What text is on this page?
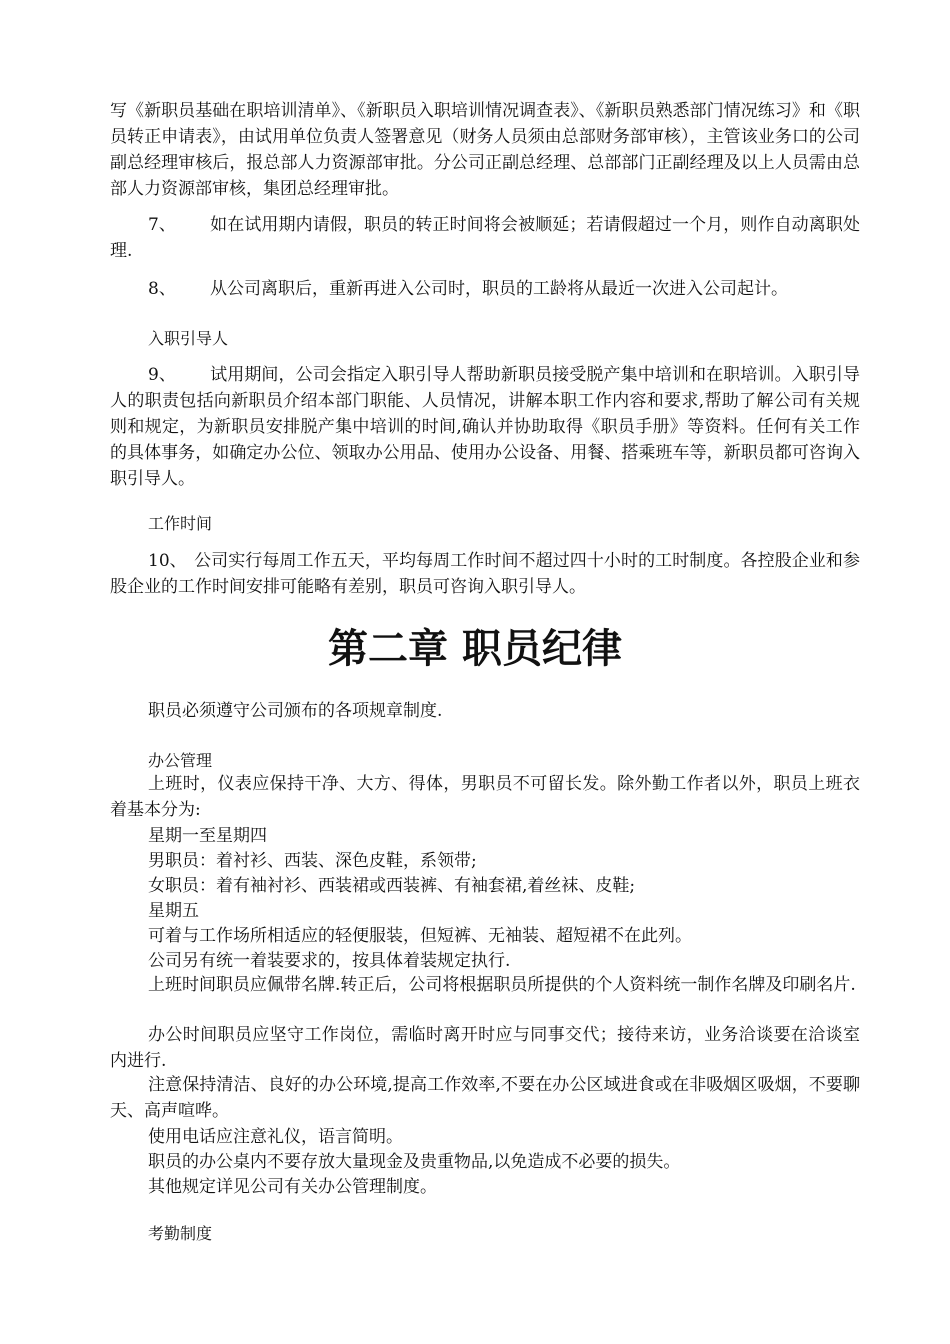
写《新职员基础在职培训清单》、《新职员入职培训情况调查表》、《新职员熟悉部门情况练习》和《职员转正申请表》，由试用单位负责人签署意见（财务人员须由总部财务部审核），主管该业务口的公司副总经理审核后，报总部人力资源部审批。分公司正副总经理、总部部门正副经理及以上人员需由总部人力资源部审核，集团总经理审批。

7、 如在试用期内请假，职员的转正时间将会被顺延；若请假超过一个月，则作自动离职处理.

8、 从公司离职后，重新再进入公司时，职员的工龄将从最近一次进入公司起计。

入职引导人

9、 试用期间，公司会指定入职引导人帮助新职员接受脱产集中培训和在职培训。入职引导人的职责包括向新职员介绍本部门职能、人员情况，讲解本职工作内容和要求,帮助了解公司有关规则和规定，为新职员安排脱产集中培训的时间,确认并协助取得《职员手册》等资料。任何有关工作的具体事务，如确定办公位、领取办公用品、使用办公设备、用餐、搭乘班车等，新职员都可咨询入职引导人。

工作时间

10、 公司实行每周工作五天，平均每周工作时间不超过四十小时的工时制度。各控股企业和参股企业的工作时间安排可能略有差别，职员可咨询入职引导人。

第二章 职员纪律

职员必须遵守公司颁布的各项规章制度.

办公管理

上班时，仪表应保持干净、大方、得体，男职员不可留长发。除外勤工作者以外，职员上班衣着基本分为:

星期一至星期四

男职员：着衬衫、西装、深色皮鞋，系领带;

女职员：着有袖衬衫、西装裙或西装裤、有袖套裙,着丝袜、皮鞋;

星期五

可着与工作场所相适应的轻便服装，但短裤、无袖装、超短裙不在此列。

公司另有统一着装要求的，按具体着装规定执行.

上班时间职员应佩带名牌.转正后，公司将根据职员所提供的个人资料统一制作名牌及印刷名片.

办公时间职员应坚守工作岗位，需临时离开时应与同事交代；接待来访，业务洽谈要在洽谈室内进行.

注意保持清洁、良好的办公环境,提高工作效率,不要在办公区域进食或在非吸烟区吸烟，不要聊天、高声喧哗。

使用电话应注意礼仪，语言简明。

职员的办公桌内不要存放大量现金及贵重物品,以免造成不必要的损失。

其他规定详见公司有关办公管理制度。

考勤制度
